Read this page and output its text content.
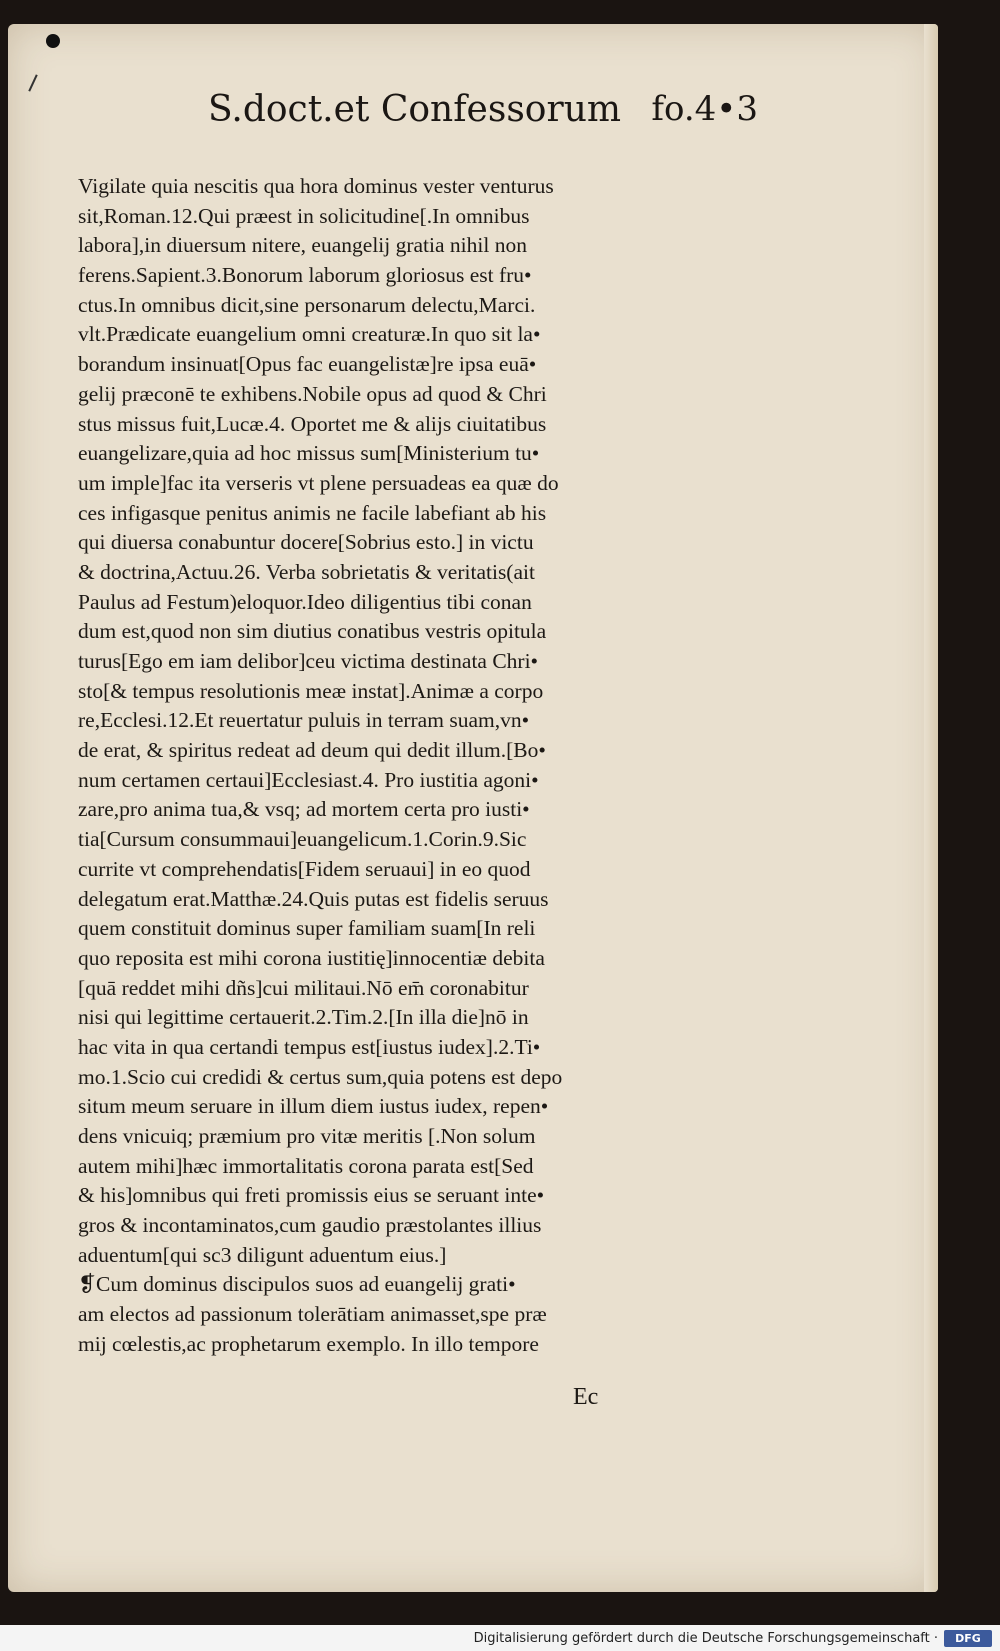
S.doct.et Confessorum fo.4•3
Vigilate quia nescitis qua hora dominus vester venturus
sit,Roman.12.Qui præest in solicitudine[.In omnibus
labora],in diuersum nitere, euangelij gratia nihil non
ferens.Sapient.3.Bonorum laborum gloriosus est fru•
ctus.In omnibus dicit,sine personarum delectu,Marci.
vlt.Prædicate euangelium omni creaturæ.In quo sit la•
borandum insinuat[Opus fac euangelistæ]re ipsa euā•
gelij præconē te exhibens.Nobile opus ad quod & Chri
stus missus fuit,Lucæ.4. Oportet me & alijs ciuitatibus
euangelizare,quia ad hoc missus sum[Ministerium tu•
um imple]fac ita verseris vt plene persuadeas ea quæ do
ces infigasque penitus animis ne facile labefiant ab his
qui diuersa conabuntur docere[Sobrius esto.] in victu
& doctrina,Actuu.26. Verba sobrietatis & veritatis(ait
Paulus ad Festum)eloquor.Ideo diligentius tibi conan
dum est,quod non sim diutius conatibus vestris opitula
turus[Ego em iam delibor]ceu victima destinata Chri•
sto[& tempus resolutionis meæ instat].Animæ a corpo
re,Ecclesi.12.Et reuertatur puluis in terram suam,vn•
de erat, & spiritus redeat ad deum qui dedit illum.[Bo•
num certamen certaui]Ecclesiast.4. Pro iustitia agoni•
zare,pro anima tua,& vsq; ad mortem certa pro iusti•
tia[Cursum consummaui]euangelicum.1.Corin.9.Sic
currite vt comprehendatis[Fidem seruaui] in eo quod
delegatum erat.Matthæ.24.Quis putas est fidelis seruus
quem constituit dominus super familiam suam[In reli
quo reposita est mihi corona iustitię]innocentiæ debita
[quā reddet mihi dñs]cui militaui.Nō em̄ coronabitur
nisi qui legittime certauerit.2.Tim.2.[In illa die]nō in
hac vita in qua certandi tempus est[iustus iudex].2.Ti•
mo.1.Scio cui credidi & certus sum,quia potens est depo
situm meum seruare in illum diem iustus iudex, repen•
dens vnicuiq; præmium pro vitæ meritis [.Non solum
autem mihi]hæc immortalitatis corona parata est[Sed
& his]omnibus qui freti promissis eius se seruant inte•
gros & incontaminatos,cum gaudio præstolantes illius
aduentum[qui sc3 diligunt aduentum eius.]
❡Cum dominus discipulos suos ad euangelij grati•
am electos ad passionum tolerātiam animasset,spe præ
mij cœlestis,ac prophetarum exemplo. In illo tempore
Ec
Digitalisierung gefördert durch die Deutsche Forschungsgemeinschaft ·	DFG
